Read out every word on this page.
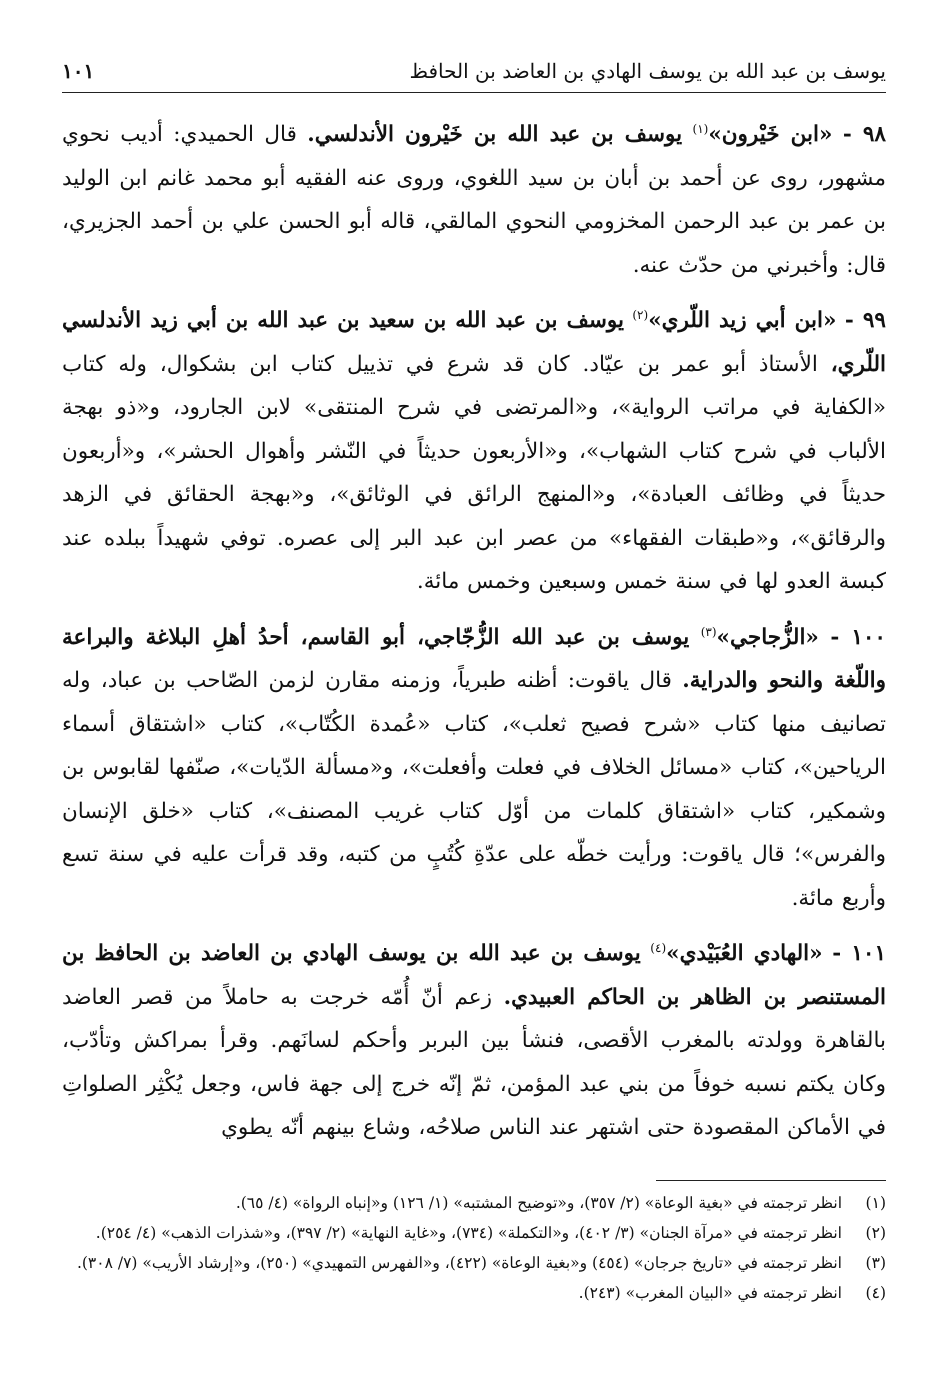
يوسف بن عبد الله بن يوسف الهادي بن العاضد بن الحافظ
١٠١

٩٨ - «ابن خَيْرون»$^{(١)}$ يوسف بن عبد الله بن خَيْرون الأندلسي. قال الحميدي: أديب نحوي مشهور، روى عن أحمد بن أبان بن سيد اللغوي، وروى عنه الفقيه أبو محمد غانم ابن الوليد بن عمر بن عبد الرحمن المخزومي النحوي المالقي، قاله أبو الحسن علي بن أحمد الجزيري، قال: وأخبرني من حدّث عنه.

٩٩ - «ابن أبي زيد اللّري»$^{(٢)}$ يوسف بن عبد الله بن سعيد بن عبد الله بن أبي زيد الأندلسي اللّري، الأستاذ أبو عمر بن عيّاد. كان قد شرع في تذييل كتاب ابن بشكوال، وله كتاب «الكفاية في مراتب الرواية»، و«المرتضى في شرح المنتقى» لابن الجارود، و«ذو بهجة الألباب في شرح كتاب الشهاب»، و«الأربعون حديثاً في النّشر وأهوال الحشر»، و«أربعون حديثاً في وظائف العبادة»، و«المنهج الرائق في الوثائق»، و«بهجة الحقائق في الزهد والرقائق»، و«طبقات الفقهاء» من عصر ابن عبد البر إلى عصره. توفي شهيداً ببلده عند كبسة العدو لها في سنة خمس وسبعين وخمس مائة.

١٠٠ - «الزُّجاجي»$^{(٣)}$ يوسف بن عبد الله الزُّجّاجي، أبو القاسم، أحدُ أهلِ البلاغة والبراعة واللّغة والنحو والدراية. قال ياقوت: أظنه طبرياً، وزمنه مقارن لزمن الصّاحب بن عباد، وله تصانيف منها كتاب «شرح فصيح ثعلب»، كتاب «عُمدة الكُتّاب»، كتاب «اشتقاق أسماء الرياحين»، كتاب «مسائل الخلاف في فعلت وأفعلت»، و«مسألة الدّيات»، صنّفها لقابوس بن وشمكير، كتاب «اشتقاق كلمات من أوّل كتاب غريب المصنف»، كتاب «خلق الإنسان والفرس»؛ قال ياقوت: ورأيت خطّه على عدّةِ كُتُبٍ من كتبه، وقد قرأت عليه في سنة تسع وأربع مائة.

١٠١ - «الهادي العُبَيْدي»$^{(٤)}$ يوسف بن عبد الله بن يوسف الهادي بن العاضد بن الحافظ بن المستنصر بن الظاهر بن الحاكم العبيدي. زعم أنّ أُمّه خرجت به حاملاً من قصر العاضد بالقاهرة وولدته بالمغرب الأقصى، فنشأ بين البربر وأحكم لسانَهم. وقرأ بمراكش وتأدّب، وكان يكتم نسبه خوفاً من بني عبد المؤمن، ثمّ إنّه خرج إلى جهة فاس، وجعل يُكْثِر الصلواتِ في الأماكن المقصودة حتى اشتهر عند الناس صلاحُه، وشاع بينهم أنّه يطوي

(١)
انظر ترجمته في «بغية الوعاة» (٢/ ٣٥٧)، و«توضيح المشتبه» (١/ ١٢٦) و«إنباه الرواة» (٤/ ٦٥).
(٢)
انظر ترجمته في «مرآة الجنان» (٣/ ٤٠٢)، و«التكملة» (٧٣٤)، و«غاية النهاية» (٢/ ٣٩٧)، و«شذرات الذهب» (٤/ ٢٥٤).
(٣)
انظر ترجمته في «تاريخ جرجان» (٤٥٤) و«بغية الوعاة» (٤٢٢)، و«الفهرس التمهيدي» (٢٥٠)، و«إرشاد الأريب» (٧/ ٣٠٨).
(٤)
انظر ترجمته في «البيان المغرب» (٢٤٣).
